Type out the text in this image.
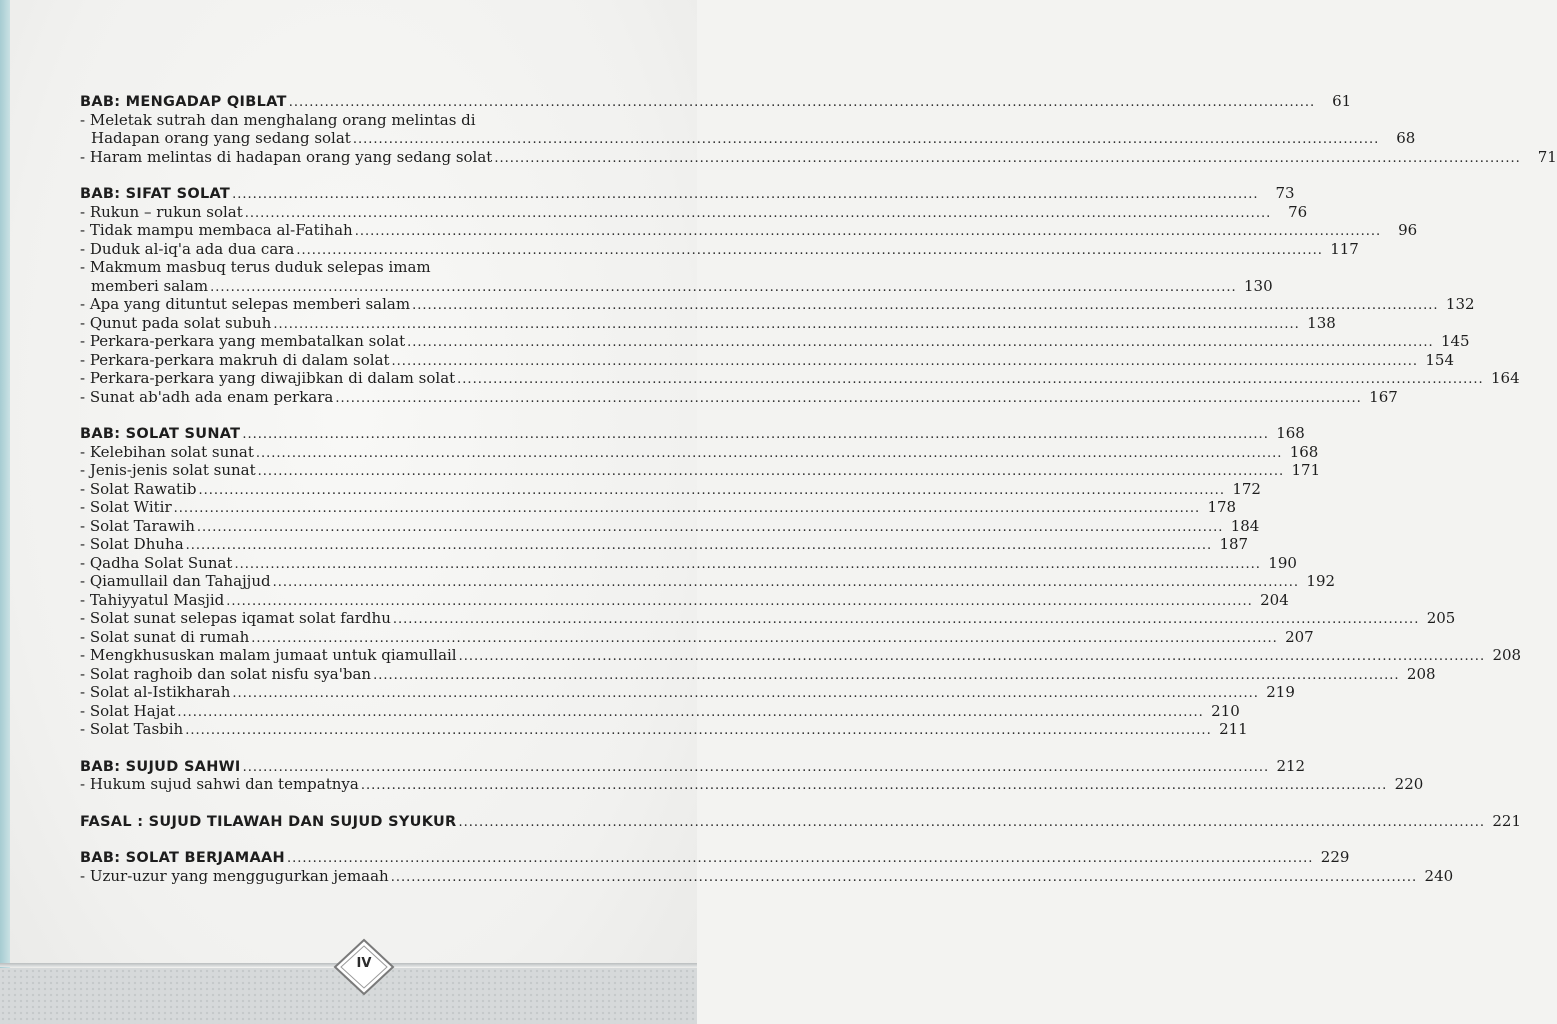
BAB: MENGADAP QIBLAT ........................................................................................................................................................................................................	61
- Meletak sutrah dan menghalang orang melintas di
Hadapan orang yang sedang solat ........................................................................................................................................................................................................	68
- Haram melintas di hadapan orang yang sedang solat ........................................................................................................................................................................................................	71
BAB: SIFAT SOLAT ........................................................................................................................................................................................................	73
- Rukun – rukun solat ........................................................................................................................................................................................................	76
- Tidak mampu membaca al-Fatihah ........................................................................................................................................................................................................	96
- Duduk al-iq'a ada dua cara ........................................................................................................................................................................................................ 117
- Makmum masbuq terus duduk selepas imam
memberi salam ........................................................................................................................................................................................................ 130
- Apa yang dituntut selepas memberi salam ........................................................................................................................................................................................................ 132
- Qunut pada solat subuh ........................................................................................................................................................................................................ 138
- Perkara-perkara yang membatalkan solat ........................................................................................................................................................................................................ 145
- Perkara-perkara makruh di dalam solat ........................................................................................................................................................................................................ 154
- Perkara-perkara yang diwajibkan di dalam solat ........................................................................................................................................................................................................ 164
- Sunat ab'adh ada enam perkara ........................................................................................................................................................................................................ 167
BAB: SOLAT SUNAT ........................................................................................................................................................................................................ 168
- Kelebihan solat sunat ........................................................................................................................................................................................................ 168
- Jenis-jenis solat sunat ........................................................................................................................................................................................................ 171
- Solat Rawatib ........................................................................................................................................................................................................ 172
- Solat Witir ........................................................................................................................................................................................................ 178
- Solat Tarawih ........................................................................................................................................................................................................ 184
- Solat Dhuha ........................................................................................................................................................................................................ 187
- Qadha Solat Sunat ........................................................................................................................................................................................................ 190
- Qiamullail dan Tahajjud ........................................................................................................................................................................................................ 192
- Tahiyyatul Masjid ........................................................................................................................................................................................................ 204
- Solat sunat selepas iqamat solat fardhu ........................................................................................................................................................................................................ 205
- Solat sunat di rumah ........................................................................................................................................................................................................ 207
- Mengkhususkan malam jumaat untuk qiamullail ........................................................................................................................................................................................................ 208
- Solat raghoib dan solat nisfu sya'ban ........................................................................................................................................................................................................ 208
- Solat al-Istikharah ........................................................................................................................................................................................................ 219
- Solat Hajat ........................................................................................................................................................................................................ 210
- Solat Tasbih ........................................................................................................................................................................................................ 211
BAB: SUJUD SAHWI ........................................................................................................................................................................................................ 212
- Hukum sujud sahwi dan tempatnya ........................................................................................................................................................................................................ 220
FASAL : SUJUD TILAWAH DAN SUJUD SYUKUR ........................................................................................................................................................................................................ 221
BAB: SOLAT BERJAMAAH ........................................................................................................................................................................................................ 229
- Uzur-uzur yang menggugurkan jemaah ........................................................................................................................................................................................................ 240
IV
